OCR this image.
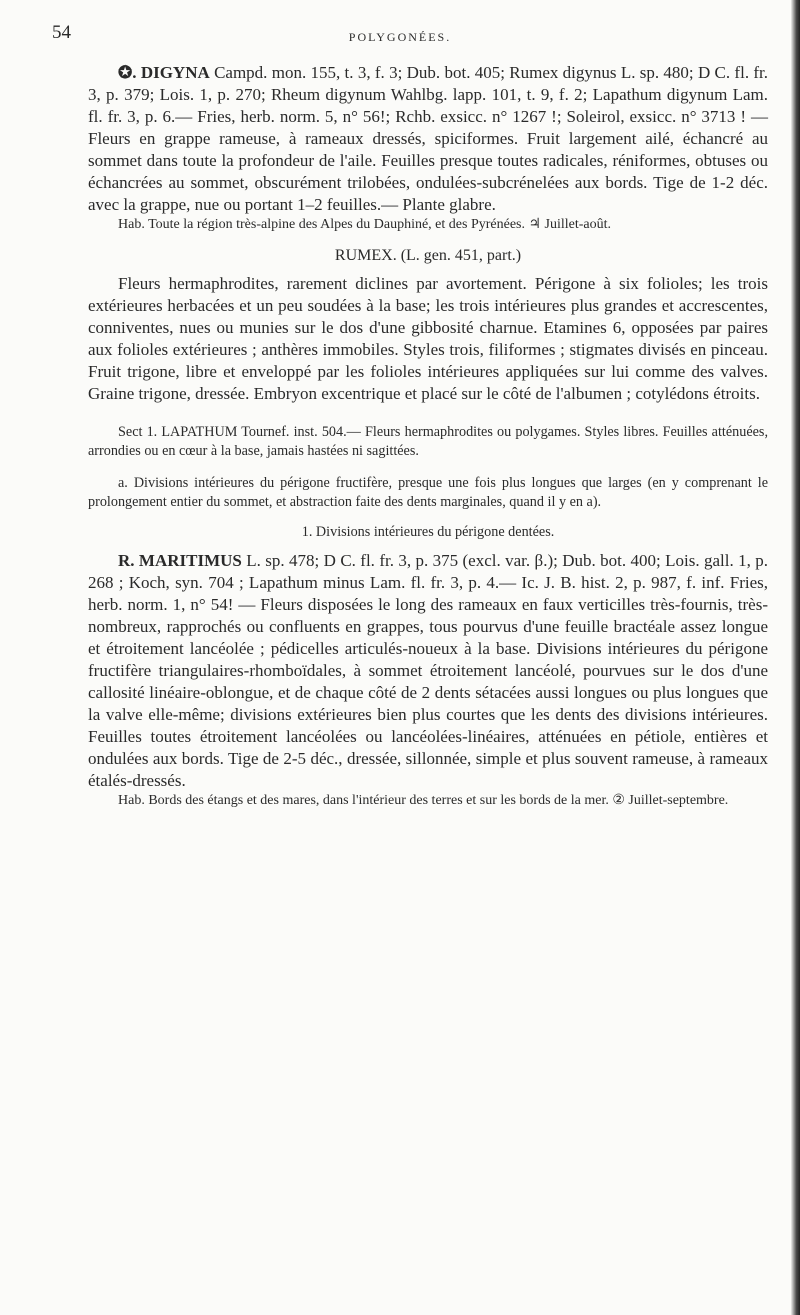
54	POLYGONÉES.

✪. DIGYNA Campd. mon. 155, t. 3, f. 3; Dub. bot. 405; Rumex digynus L. sp. 480; D C. fl. fr. 3, p. 379; Lois. 1, p. 270; Rheum digynum Wahlbg. lapp. 101, t. 9, f. 2; Lapathum digynum Lam. fl. fr. 3, p. 6.— Fries, herb. norm. 5, n° 56!; Rchb. exsicc. n° 1267 !; Soleirol, exsicc. n° 3713 ! — Fleurs en grappe rameuse, à rameaux dressés, spiciformes. Fruit largement ailé, échancré au sommet dans toute la profondeur de l'aile. Feuilles presque toutes radicales, réniformes, obtuses ou échancrées au sommet, obscurément trilobées, ondulées-subcrénelées aux bords. Tige de 1-2 déc. avec la grappe, nue ou portant 1–2 feuilles.— Plante glabre.

Hab. Toute la région très-alpine des Alpes du Dauphiné, et des Pyrénées. ♃ Juillet-août.

RUMEX. (L. gen. 451, part.)

Fleurs hermaphrodites, rarement diclines par avortement. Périgone à six folioles; les trois extérieures herbacées et un peu soudées à la base; les trois intérieures plus grandes et accrescentes, conniventes, nues ou munies sur le dos d'une gibbosité charnue. Etamines 6, opposées par paires aux folioles extérieures ; anthères immobiles. Styles trois, filiformes ; stigmates divisés en pinceau. Fruit trigone, libre et enveloppé par les folioles intérieures appliquées sur lui comme des valves. Graine trigone, dressée. Embryon excentrique et placé sur le côté de l'albumen ; cotylédons étroits.

Sect 1. LAPATHUM Tournef. inst. 504.— Fleurs hermaphrodites ou polygames. Styles libres. Feuilles atténuées, arrondies ou en cœur à la base, jamais hastées ni sagittées.

a. Divisions intérieures du périgone fructifère, presque une fois plus longues que larges (en y comprenant le prolongement entier du sommet, et abstraction faite des dents marginales, quand il y en a).

1. Divisions intérieures du périgone dentées.

R. MARITIMUS L. sp. 478; D C. fl. fr. 3, p. 375 (excl. var. β.); Dub. bot. 400; Lois. gall. 1, p. 268 ; Koch, syn. 704 ; Lapathum minus Lam. fl. fr. 3, p. 4.— Ic. J. B. hist. 2, p. 987, f. inf. Fries, herb. norm. 1, n° 54! — Fleurs disposées le long des rameaux en faux verticilles très-fournis, très-nombreux, rapprochés ou confluents en grappes, tous pourvus d'une feuille bractéale assez longue et étroitement lancéolée ; pédicelles articulés-noueux à la base. Divisions intérieures du périgone fructifère triangulaires-rhomboïdales, à sommet étroitement lancéolé, pourvues sur le dos d'une callosité linéaire-oblongue, et de chaque côté de 2 dents sétacées aussi longues ou plus longues que la valve elle-même; divisions extérieures bien plus courtes que les dents des divisions intérieures. Feuilles toutes étroitement lancéolées ou lancéolées-linéaires, atténuées en pétiole, entières et ondulées aux bords. Tige de 2-5 déc., dressée, sillonnée, simple et plus souvent rameuse, à rameaux étalés-dressés.

Hab. Bords des étangs et des mares, dans l'intérieur des terres et sur les bords de la mer. ② Juillet-septembre.
